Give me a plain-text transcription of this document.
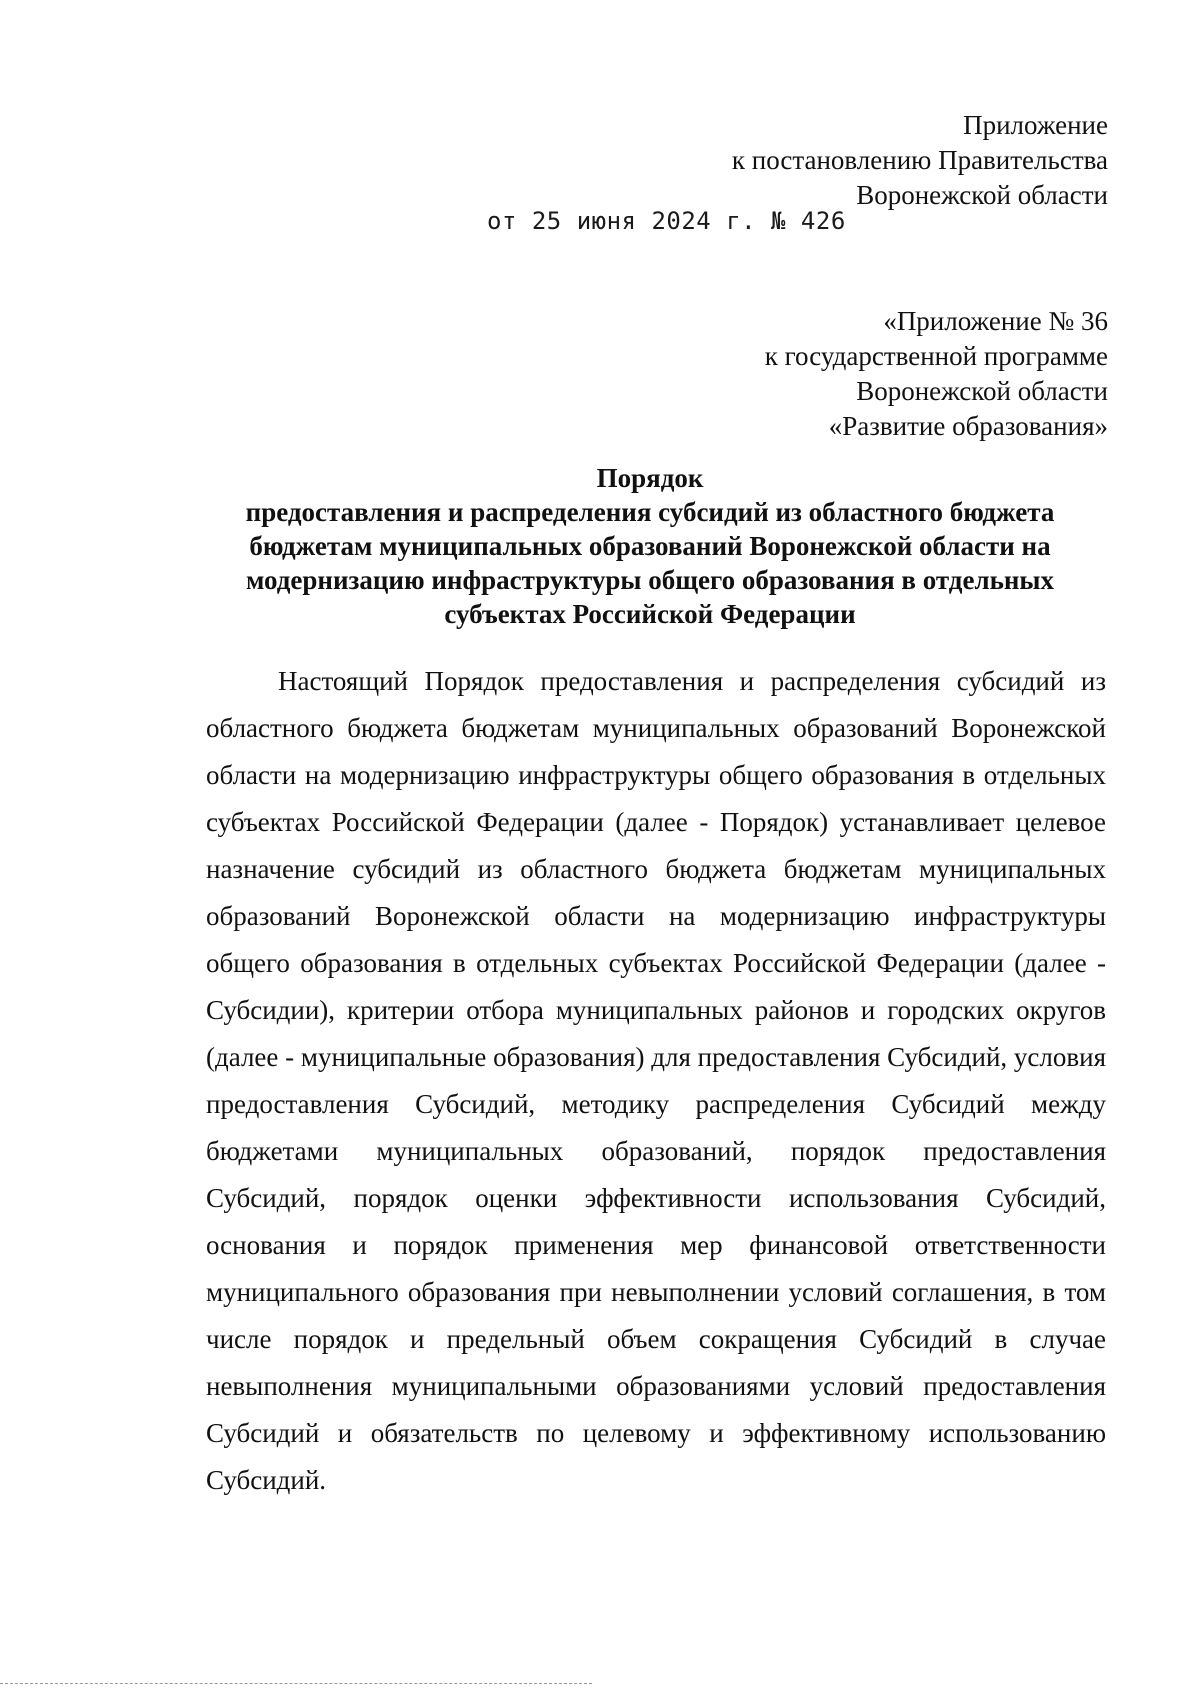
Приложение
к постановлению Правительства
Воронежской области
от 25 июня 2024 г. № 426
«Приложение № 36
к государственной программе
Воронежской области
«Развитие образования»
Порядок
предоставления и распределения субсидий из областного бюджета
бюджетам муниципальных образований Воронежской области на
модернизацию инфраструктуры общего образования в отдельных
субъектах Российской Федерации
Настоящий Порядок предоставления и распределения субсидий из
областного бюджета бюджетам муниципальных образований Воронежской
области на модернизацию инфраструктуры общего образования в отдельных
субъектах Российской Федерации (далее - Порядок) устанавливает целевое
назначение субсидий из областного бюджета бюджетам муниципальных
образований Воронежской области на модернизацию инфраструктуры
общего образования в отдельных субъектах Российской Федерации (далее -
Субсидии), критерии отбора муниципальных районов и городских округов
(далее - муниципальные образования) для предоставления Субсидий, условия
предоставления Субсидий, методику распределения Субсидий между
бюджетами муниципальных образований, порядок предоставления
Субсидий, порядок оценки эффективности использования Субсидий,
основания и порядок применения мер финансовой ответственности
муниципального образования при невыполнении условий соглашения, в том
числе порядок и предельный объем сокращения Субсидий в случае
невыполнения муниципальными образованиями условий предоставления
Субсидий и обязательств по целевому и эффективному использованию
Субсидий.
